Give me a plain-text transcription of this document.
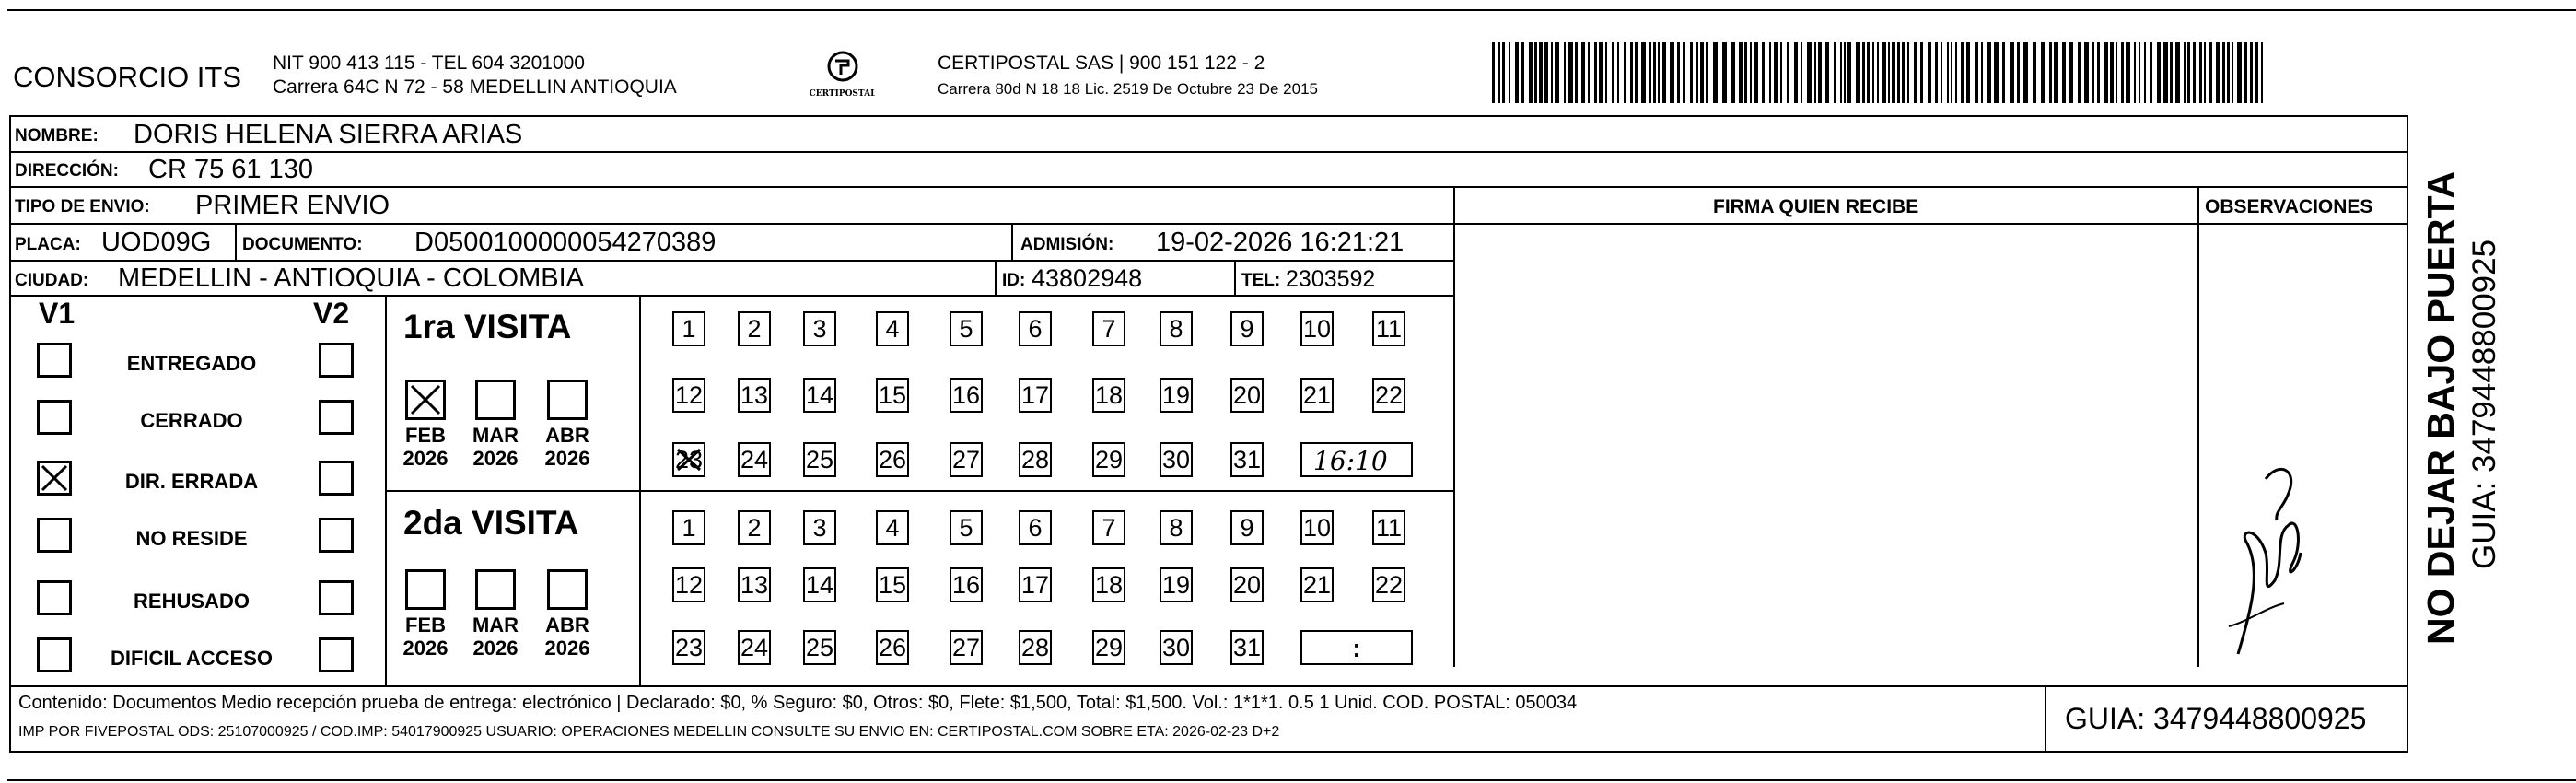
CONSORCIO ITS NIT 900 413 115 - TEL 604 3201000
Carrera 64C N 72 - 58 MEDELLIN ANTIOQUIA	CERTIPOSTAL
CERTIPOSTAL SAS | 900 151 122 - 2
Carrera 80d N 18 18 Lic. 2519 De Octubre 23 De 2015
NOMBRE: DORIS HELENA SIERRA ARIAS
DIRECCIÓN: CR 75 61 130
TIPO DE ENVIO: PRIMER ENVIO	FIRMA QUIEN RECIBE	OBSERVACIONES
PLACA: UOD09G DOCUMENTO: D0500100000054270389	ADMISIÓN: 19-02-2026 16:21:21
CIUDAD: MEDELLIN - ANTIOQUIA - COLOMBIA	ID: 43802948	TEL: 2303592
V1	V2
ENTREGADO
CERRADO
DIR. ERRADA
NO RESIDE
REHUSADO
DIFICIL ACCESO
1ra VISITA
2da VISITA
FEB
2026
MAR
2026
ABR
2026
FEB
2026
MAR
2026
ABR
2026
1	2	3	4	5	6	7	8	9	10 11
12 13 14 15 16 17 18 19 20 21 22
23 24 25 26 27 28 29 30 31 16:10
1	2	3	4	5	6	7	8	9	10 11
12 13 14 15 16 17 18 19 20 21 22
23 24 25 26 27 28 29 30 31	:
Contenido: Documentos Medio recepción prueba de entrega: electrónico | Declarado: $0, % Seguro: $0, Otros: $0, Flete: $1,500, Total: $1,500. Vol.: 1*1*1. 0.5 1 Unid. COD. POSTAL: 050034
IMP POR FIVEPOSTAL ODS: 25107000925 / COD.IMP: 54017900925 USUARIO: OPERACIONES MEDELLIN CONSULTE SU ENVIO EN: CERTIPOSTAL.COM SOBRE ETA: 2026-02-23 D+2	GUIA: 3479448800925
NO DEJAR BAJO PUERTA GUIA: 3479448800925
